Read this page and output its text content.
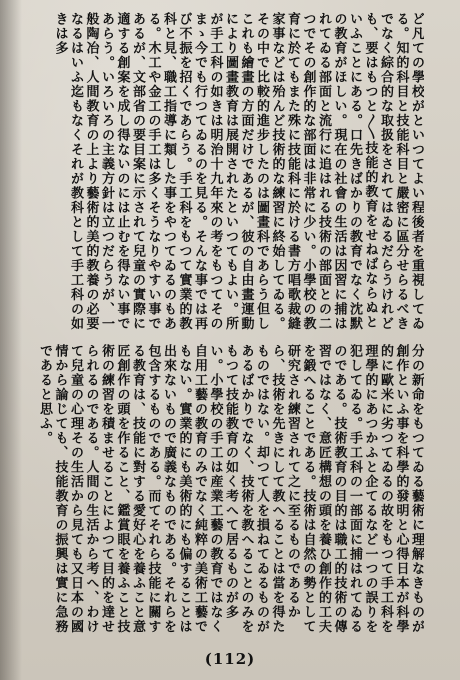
ど凡ての學校がといつてよい程後者を重視してゐる。知的科目と技能科目と嚴密に區分せらるべきでなく綜合的な取扱をされてはゐるだらうけれども、要はもつと〳〵技能的教育をせねばならぬといふことにある。口先きばかりの教育でなく沈默の教育がほしい。現在の社會の生活は因習に捕はれてゐる部面と流行に追はれる技術の部面との二つでその創作的な部面は非常に少い。小學校の教育に於てもまた殊に技能科に於ける書方唱歌裁縫家事などは殆んど技術的な練習に終始してゐる。その中で比較的進步したのは圖畫科であらう但しこれも繪畫の方面だけであるが、彼の自由畫運動により圖畫教育は展開されたといつてもよい。所が手工科の如きは明治十九年來の考をもつてそのまゝ今でも行つてゐるのを見る。そんな事では再び不振を招くであらう。手工科をもつて實業的教科と見、職工指導に類した事をやつてゐるのもある。木工や金工の手工は多くそうなりやすい事であるが、文部省の要目案に示されて兒童の實際に適する創案を成し得ないのには止むを得ない事であらう。いろいろの主義方針は立つだらうが、一般陶冶、人間教育の上より藝術的美的教養の必要なるはいふ迄もなくそれが教科として手工科の如きは多

分の新命をもつてゐる藝術に理解なきものが創作といふ事を科學的發明と心得日本が科學的に歐米に劣つてゐるの故をもつて手工科を理學的にあつかふと企てるなど一つの誤りを犯してゐる。手工科の一部面に捕はれてゐるのである。技術教育の目的は職工的技術の傳習ではなく、意匠構想の頭を養ひ創作的工夫を鍛へることである。技術は自然の勢として研究され練習されて之に至るものであるから、技術を先きにして教へることは當を得たものではない。却つて人を損ねてゐるものがあるばかりでなく、技術を教へることのみをもつて技能教育の如く考へて居るものが多い。小學校の手工は産業工藝の教育ではなく自用工藝の教育のみでなく純粹の美術工藝でもない。實業的にも美術的にも偏することは出來ないもので廣義なものである。それらを包含するものである。而てそれら技能に關する教育は、技能に對する愛好心を養ふこと意匠創作の頭を作ること、鑑賞眼を養ふこと技術の練習を積ませることによつて目的を達せられるのである。人間の生活から考へ、わけて兒童の心理その生活から見ても又日本の國情から論じても、技能教育の振興は實に急務であると思ふ。

(112)
